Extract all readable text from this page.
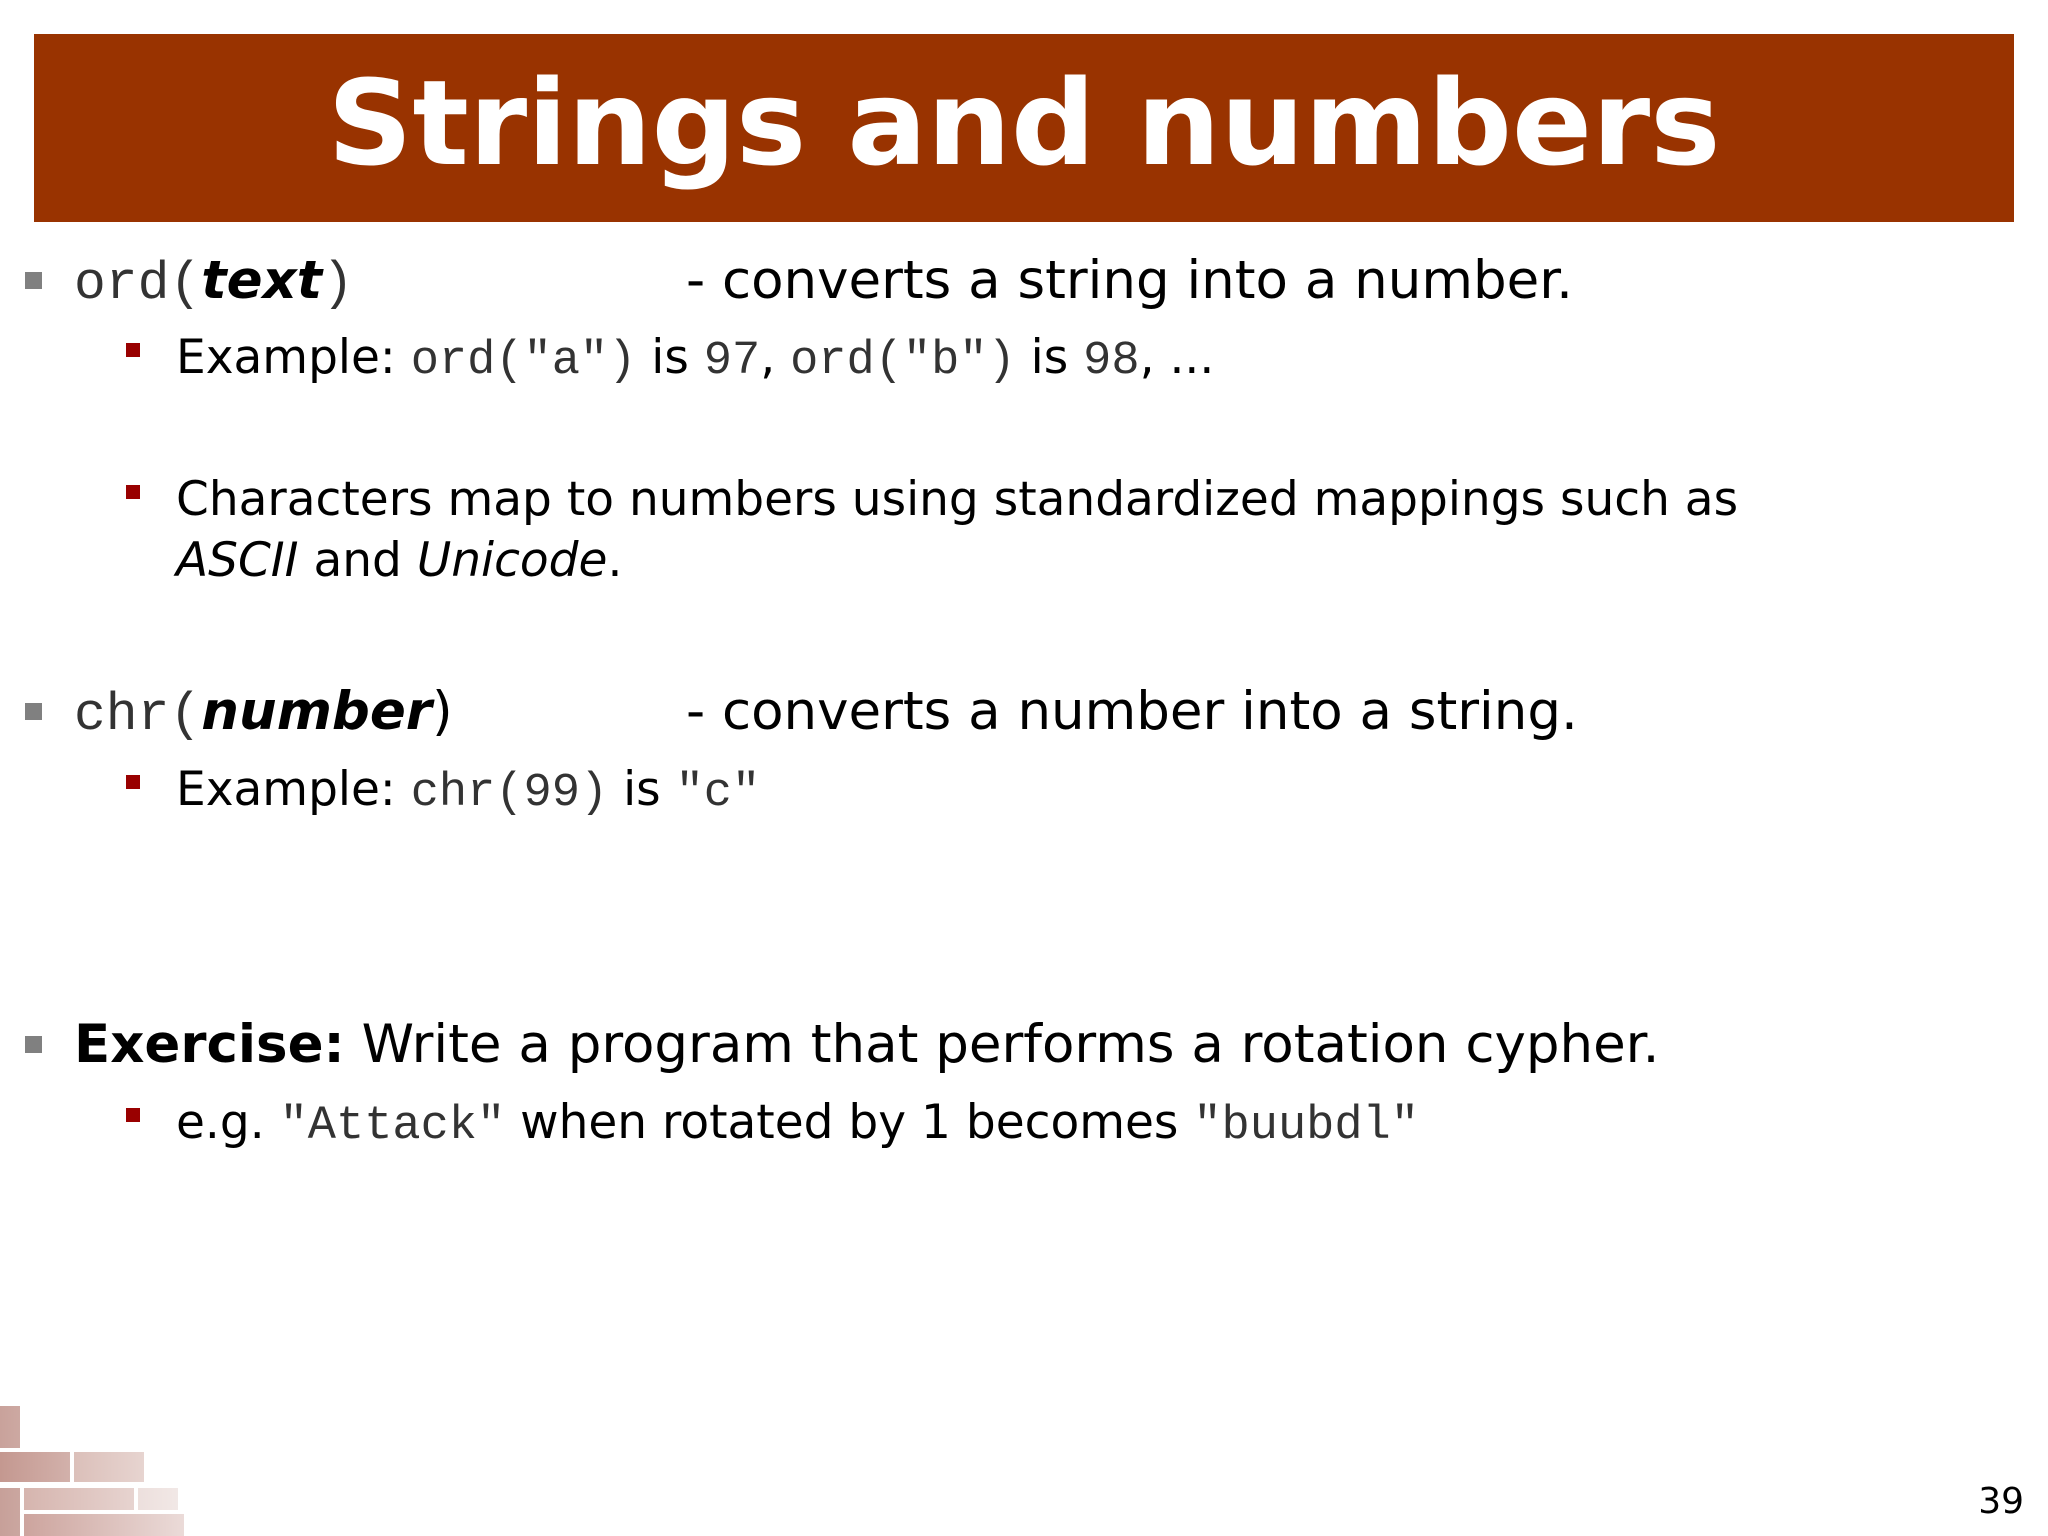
Strings and numbers
ord(text)	- converts a string into a number.
Example: ord("a") is 97, ord("b") is 98, ...
Characters map to numbers using standardized mappings such as
ASCII and Unicode.
chr(number)	- converts a number into a string.
Example: chr(99) is "c"
Exercise: Write a program that performs a rotation cypher.
e.g. "Attack" when rotated by 1 becomes "buubdl"
39
